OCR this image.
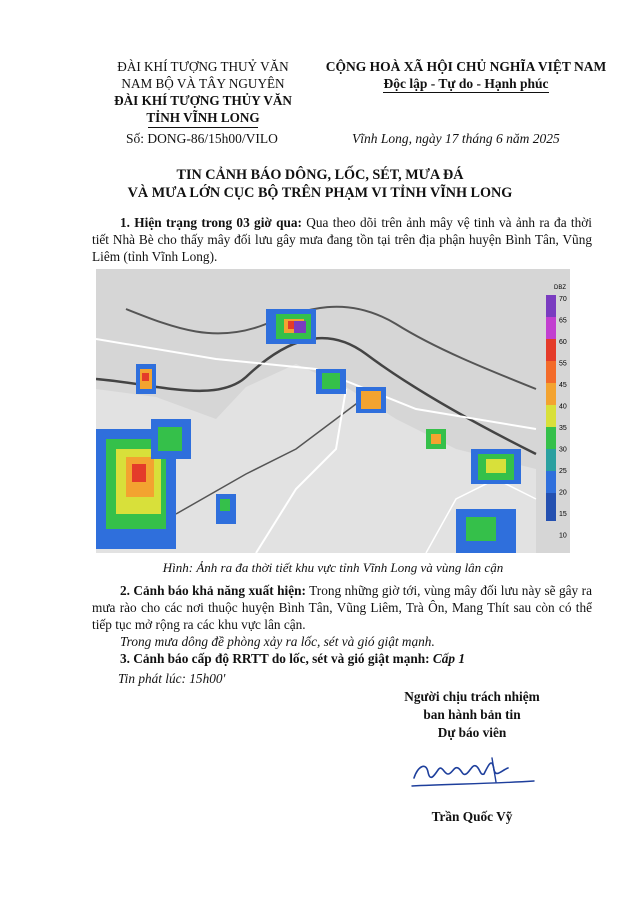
ĐÀI KHÍ TƯỢNG THUỶ VĂN
NAM BỘ VÀ TÂY NGUYÊN
ĐÀI KHÍ TƯỢNG THỦY VĂN
TỈNH VĨNH LONG
CỘNG HOÀ XÃ HỘI CHỦ NGHĨA VIỆT NAM
Độc lập - Tự do - Hạnh phúc
Số: DONG-86/15h00/VILO	Vĩnh Long, ngày 17 tháng 6 năm 2025
TIN CẢNH BÁO DÔNG, LỐC, SÉT, MƯA ĐÁ
VÀ MƯA LỚN CỤC BỘ TRÊN PHẠM VI TỈNH VĨNH LONG
1. Hiện trạng trong 03 giờ qua: Qua theo dõi trên ảnh mây vệ tinh và ảnh ra đa thời tiết Nhà Bè cho thấy mây đối lưu gây mưa đang tồn tại trên địa phận huyện Bình Tân, Vũng Liêm (tỉnh Vĩnh Long).
DBZ
70
65
60
55
45
40
35
30
25
20
15
10
Hình: Ảnh ra đa thời tiết khu vực tỉnh Vĩnh Long và vùng lân cận
2. Cảnh báo khả năng xuất hiện: Trong những giờ tới, vùng mây đối lưu này sẽ gây ra mưa rào cho các nơi thuộc huyện Bình Tân, Vũng Liêm, Trà Ôn, Mang Thít sau còn có thể tiếp tục mở rộng ra các khu vực lân cận.
Trong mưa dông đề phòng xảy ra lốc, sét và gió giật mạnh.
3. Cảnh báo cấp độ RRTT do lốc, sét và gió giật mạnh: Cấp 1
Tin phát lúc: 15h00'
Người chịu trách nhiệm
ban hành bản tin
Dự báo viên
Trần Quốc Vỹ
